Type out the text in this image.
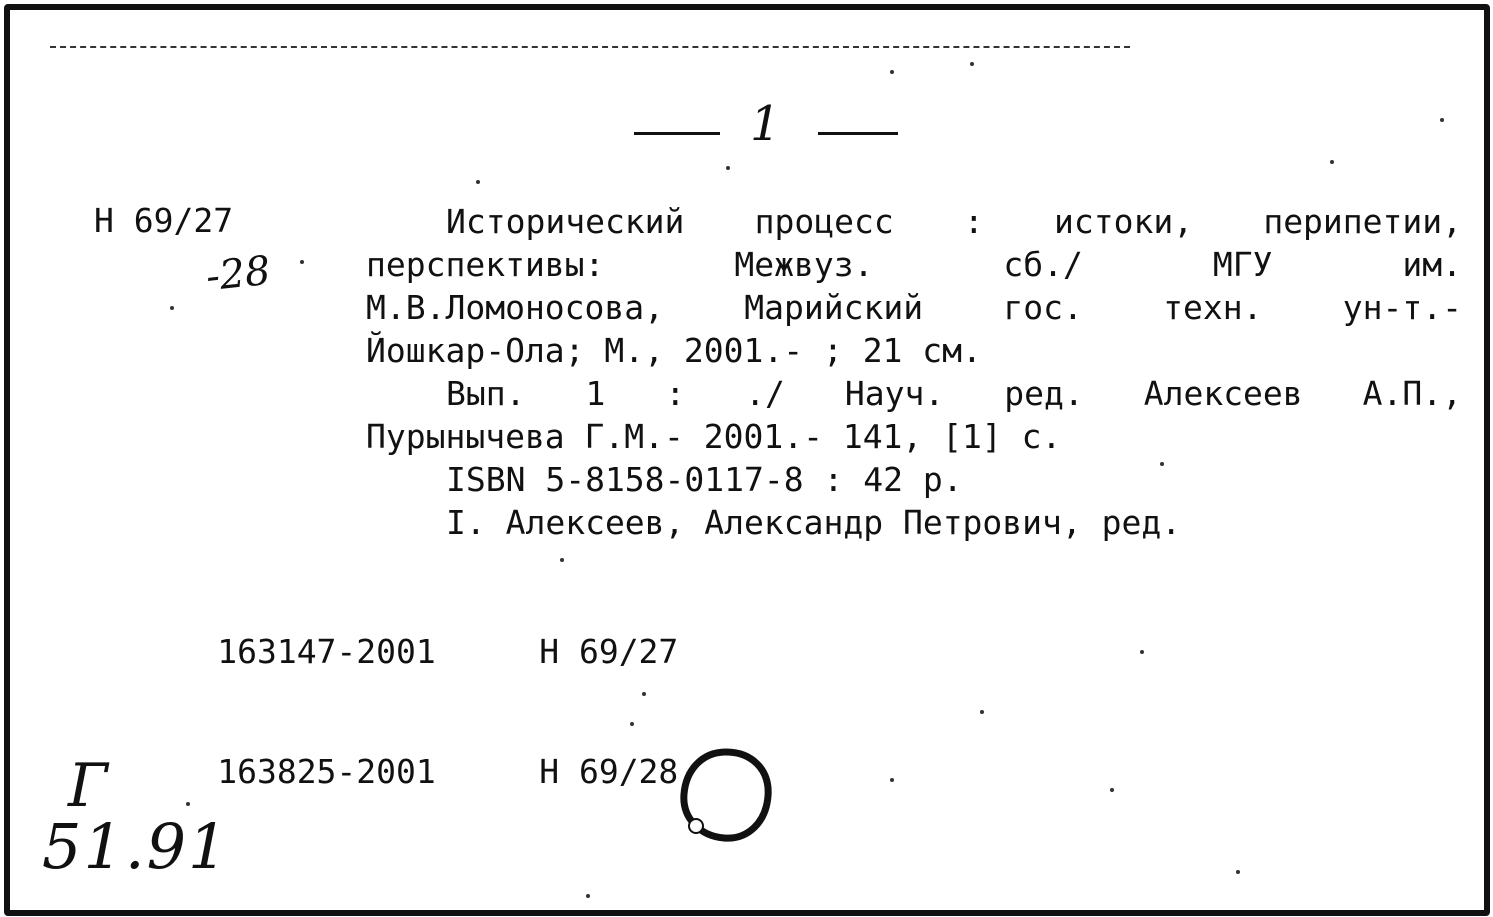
1
Н 69/27
-28
Исторический процесс : истоки, перипетии,
перспективы: Межвуз. сб./ МГУ им.
М.В.Ломоносова, Марийский гос. техн. ун-т.-
Йошкар-Ола; М., 2001.- ; 21 см.
Вып. 1 : ./ Науч. ред. Алексеев А.П.,
Пурынычева Г.М.- 2001.- 141, [1] с.
ISBN 5-8158-0117-8 : 42 р.
I. Алексеев, Александр Петрович, ред.

163147-2001	Н 69/27

163825-2001	Н 69/28

Г
51.91
